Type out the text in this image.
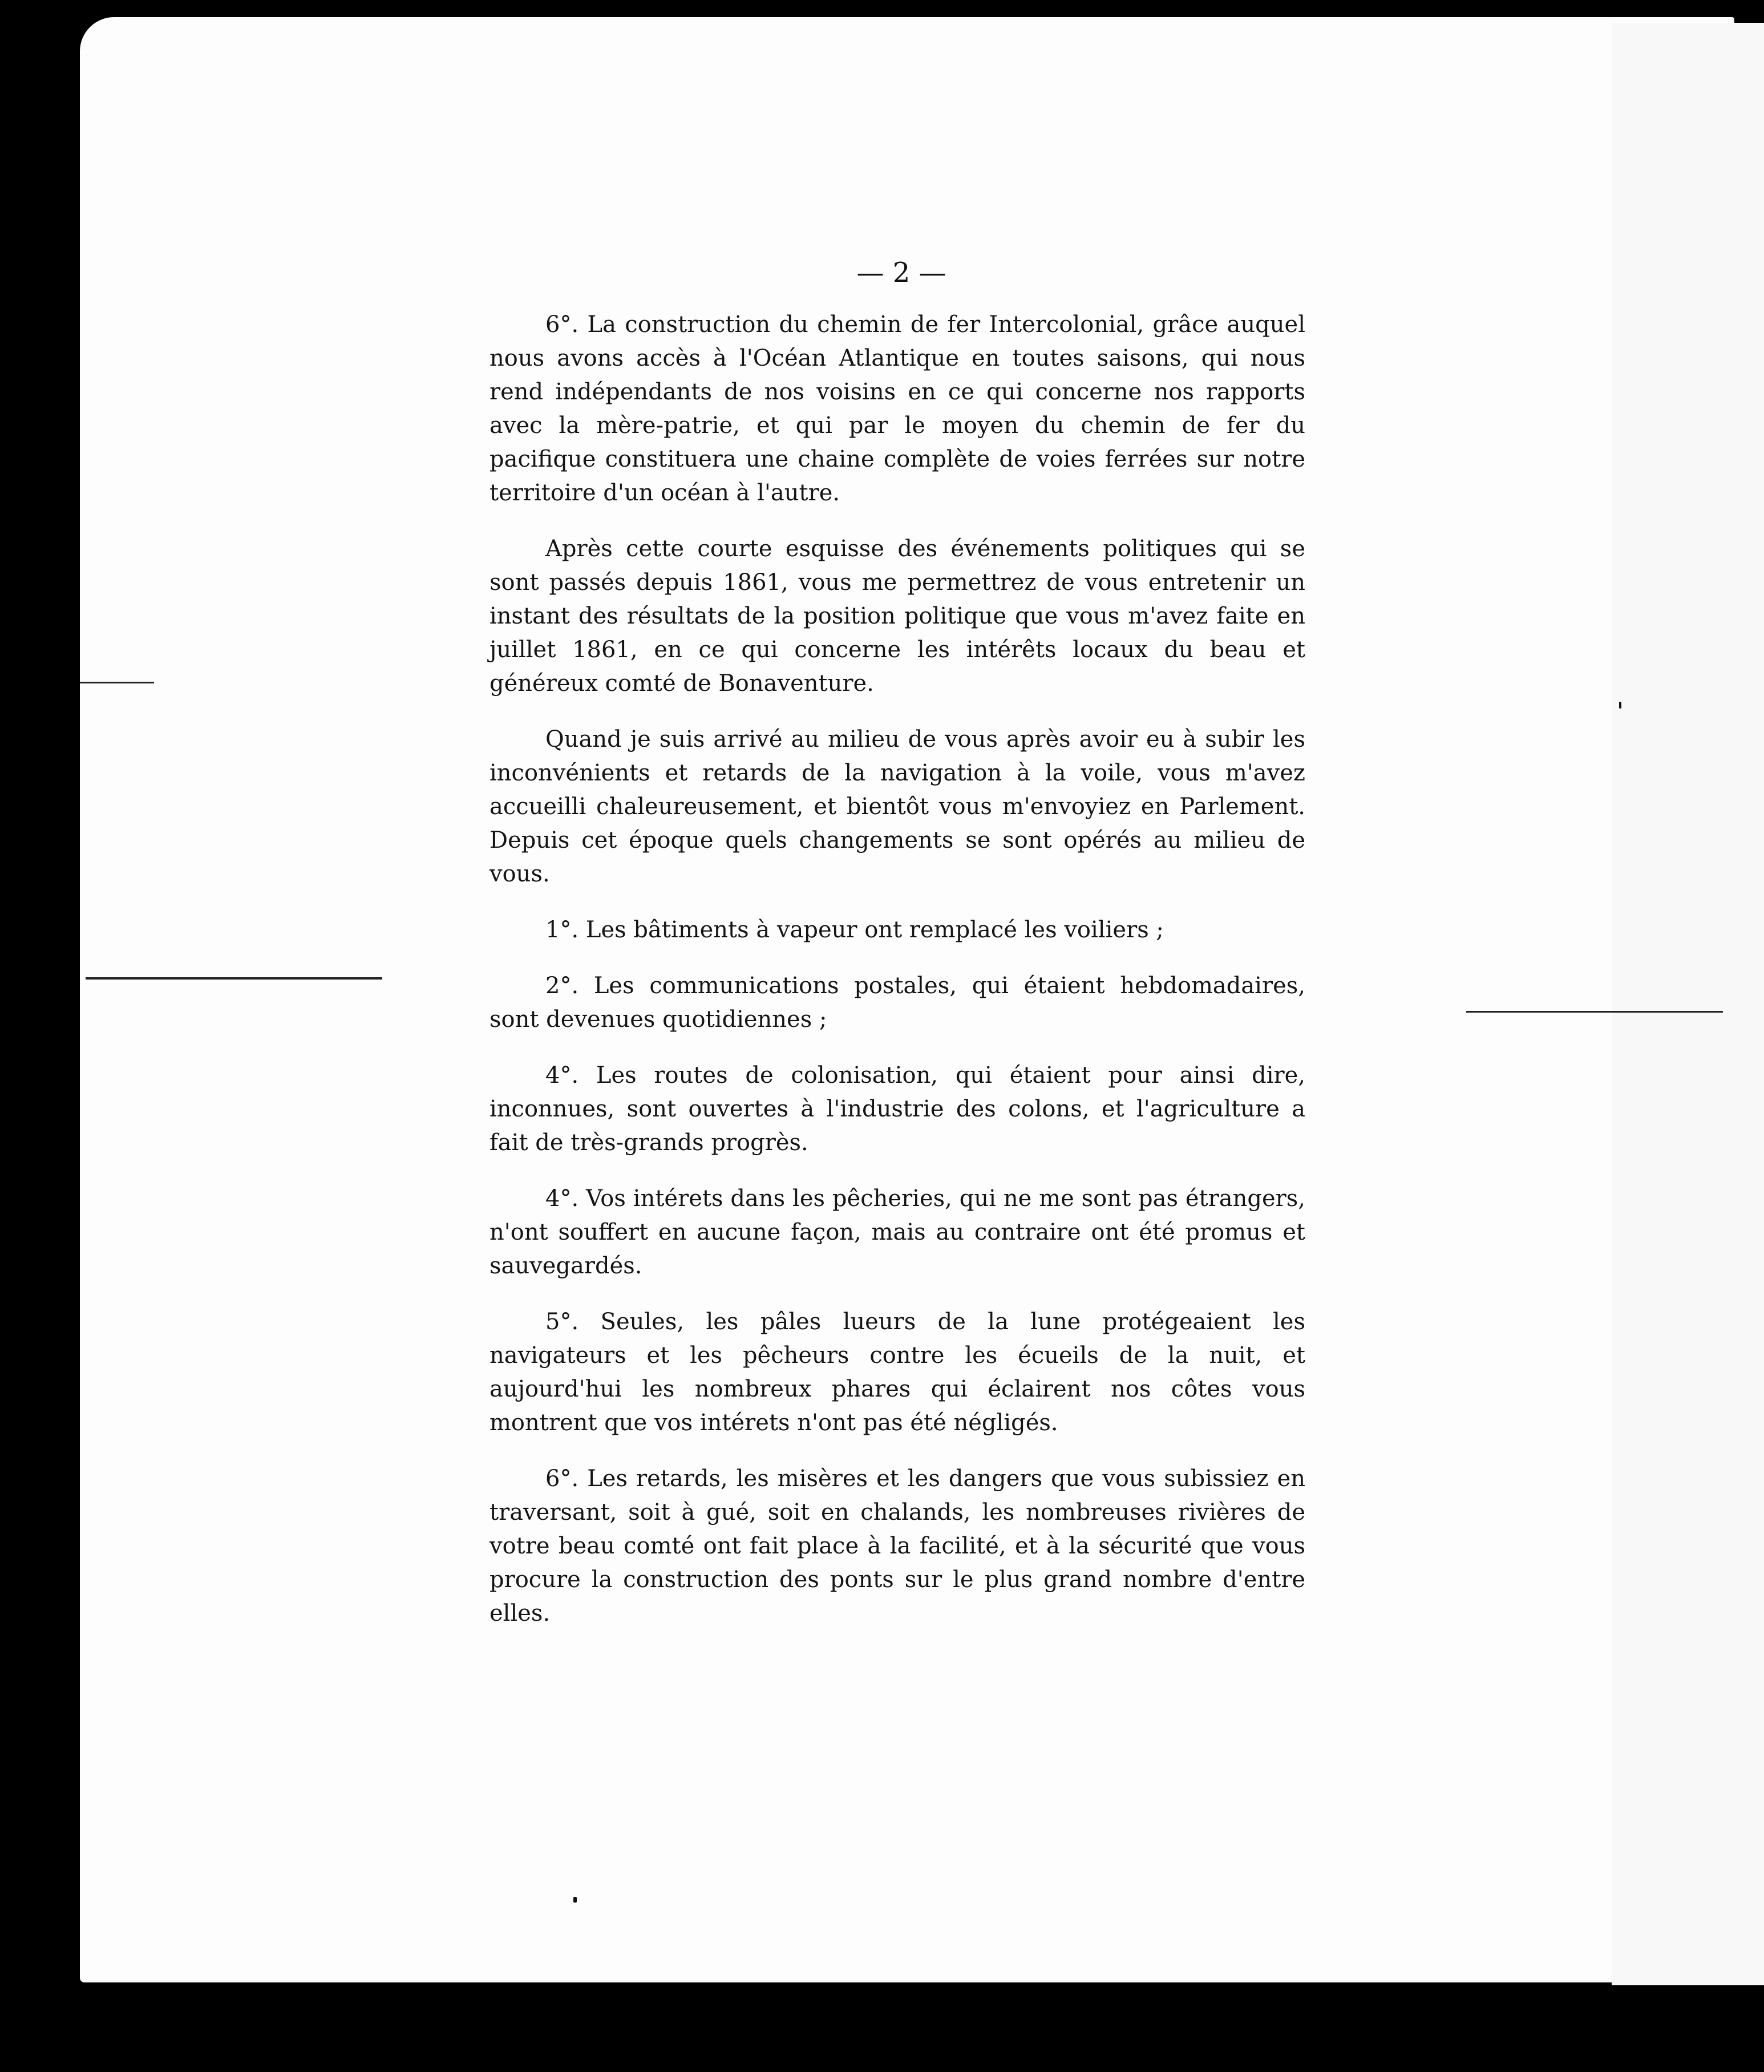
— 2 —

6°. La construction du chemin de fer Intercolonial, grâce auquel nous avons accès à l'Océan Atlantique en toutes saisons, qui nous rend indépendants de nos voisins en ce qui concerne nos rapports avec la mère-patrie, et qui par le moyen du chemin de fer du pacifique constituera une chaine complète de voies ferrées sur notre territoire d'un océan à l'autre.

Après cette courte esquisse des événements politiques qui se sont passés depuis 1861, vous me permettrez de vous entretenir un instant des résultats de la position politique que vous m'avez faite en juillet 1861, en ce qui concerne les intérêts locaux du beau et généreux comté de Bonaventure.

Quand je suis arrivé au milieu de vous après avoir eu à subir les inconvénients et retards de la navigation à la voile, vous m'avez accueilli chaleureusement, et bientôt vous m'envoyiez en Parlement. Depuis cet époque quels changements se sont opérés au milieu de vous.

1°. Les bâtiments à vapeur ont remplacé les voiliers ;

2°. Les communications postales, qui étaient hebdomadaires, sont devenues quotidiennes ;

4°. Les routes de colonisation, qui étaient pour ainsi dire, inconnues, sont ouvertes à l'industrie des colons, et l'agriculture a fait de très-grands progrès.

4°. Vos intérets dans les pêcheries, qui ne me sont pas étrangers, n'ont souffert en aucune façon, mais au contraire ont été promus et sauvegardés.

5°. Seules, les pâles lueurs de la lune protégeaient les navigateurs et les pêcheurs contre les écueils de la nuit, et aujourd'hui les nombreux phares qui éclairent nos côtes vous montrent que vos intérets n'ont pas été négligés.

6°. Les retards, les misères et les dangers que vous subissiez en traversant, soit à gué, soit en chalands, les nombreuses rivières de votre beau comté ont fait place à la facilité, et à la sécurité que vous procure la construction des ponts sur le plus grand nombre d'entre elles.
